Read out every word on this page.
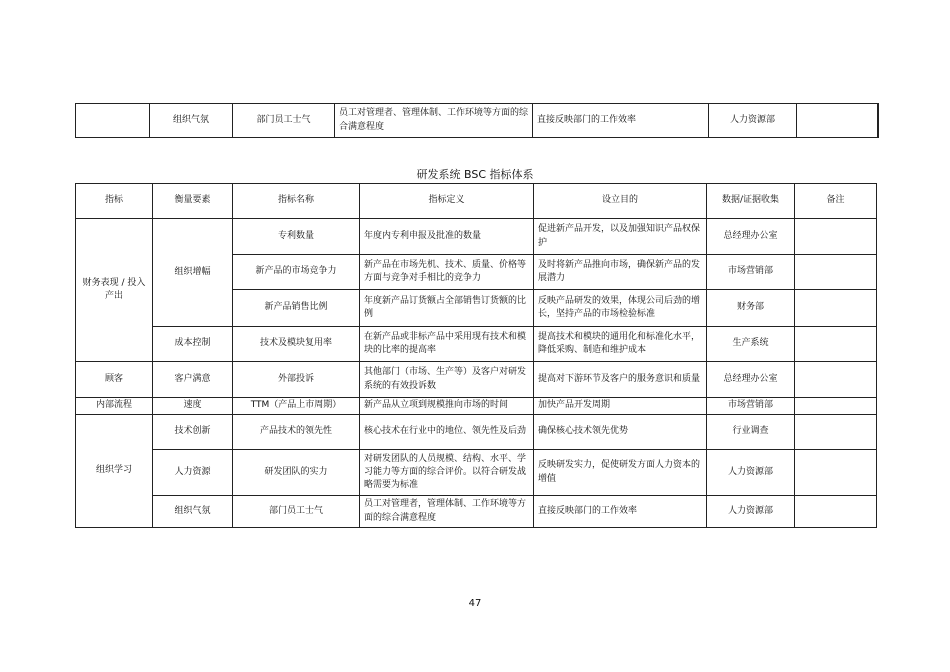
	组织气氛	部门员工士气	员工对管理者、管理体制、工作环境等方面的综合满意程度	直接反映部门的工作效率	人力资源部	
研发系统 BSC 指标体系
指标	衡量要素	指标名称	指标定义	设立目的	数据/证据收集	备注
财务表现 / 投入产出	组织增幅	专利数量	年度内专利申报及批准的数量	促进新产品开发，以及加强知识产品权保护	总经理办公室	
		新产品的市场竞争力	新产品在市场先机、技术、质量、价格等方面与竞争对手相比的竞争力	及时将新产品推向市场，确保新产品的发展潜力	市场营销部	
		新产品销售比例	年度新产品订货额占全部销售订货额的比例	反映产品研发的效果，体现公司后劲的增长，坚持产品的市场检验标准	财务部	
	成本控制	技术及模块复用率	在新产品或非标产品中采用现有技术和模块的比率的提高率	提高技术和模块的通用化和标准化水平，降低采购、制造和维护成本	生产系统	
顾客	客户满意	外部投诉	其他部门（市场、生产等）及客户对研发系统的有效投诉数	提高对下游环节及客户的服务意识和质量	总经理办公室	
内部流程	速度	TTM（产品上市周期）	新产品从立项到规模推向市场的时间	加快产品开发周期	市场营销部	
组织学习	技术创新	产品技术的领先性	核心技术在行业中的地位、领先性及后劲	确保核心技术领先优势	行业调查	
	人力资源	研发团队的实力	对研发团队的人员规模、结构、水平、学习能力等方面的综合评价。以符合研发战略需要为标准	反映研发实力，促使研发方面人力资本的增值	人力资源部	
	组织气氛	部门员工士气	员工对管理者，管理体制、工作环境等方面的综合满意程度	直接反映部门的工作效率	人力资源部	
47
